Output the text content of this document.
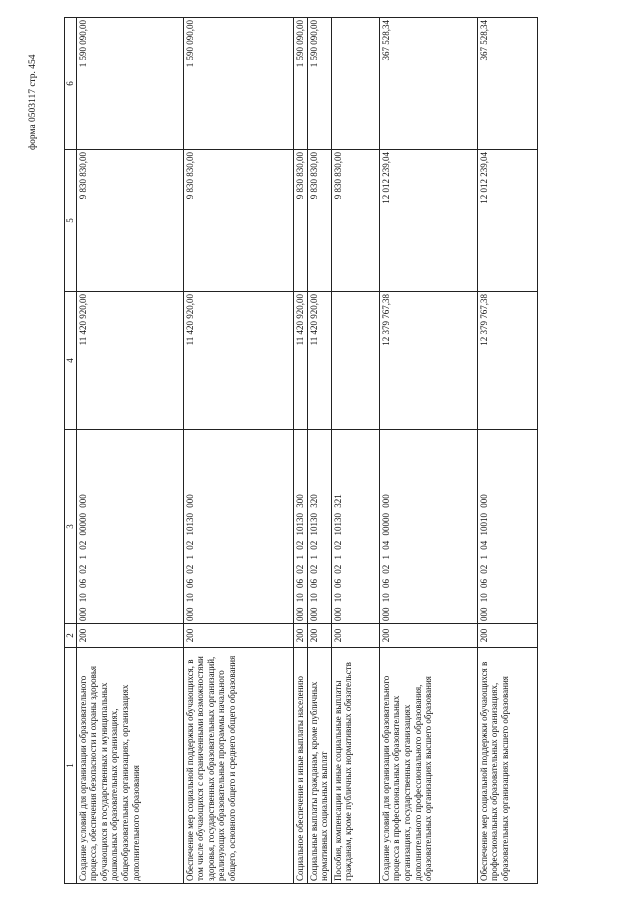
форма 0503117 стр. 454
1	2	3	4	5	6
Создание условий для организации образовательного процесса, обеспечения безопасности и охраны здоровья обучающихся в государственных и муниципальных дошкольных образовательных организациях, общеобразовательных организациях, организациях дополнительного образования	200	000 10 06 02 1 02 00000 000	11 420 920,00	9 830 830,00	1 590 090,00
Обеспечение мер социальной поддержки обучающихся, в том числе обучающихся с ограниченными возможностями здоровья, государственных образовательных организаций, реализующих образовательные программы начального общего, основного общего и среднего общего образования	200	000 10 06 02 1 02 10130 000	11 420 920,00	9 830 830,00	1 590 090,00
Социальное обеспечение и иные выплаты населению	200	000 10 06 02 1 02 10130 300	11 420 920,00	9 830 830,00	1 590 090,00
Социальные выплаты гражданам, кроме публичных нормативных социальных выплат	200	000 10 06 02 1 02 10130 320	11 420 920,00	9 830 830,00	1 590 090,00
Пособия, компенсации и иные социальные выплаты гражданам, кроме публичных нормативных обязательств	200	000 10 06 02 1 02 10130 321		9 830 830,00	
Создание условий для организации образовательного процесса в профессиональных образовательных организациях, государственных организациях дополнительного профессионального образования, образовательных организациях высшего образования	200	000 10 06 02 1 04 00000 000	12 379 767,38	12 012 239,04	367 528,34
Обеспечение мер социальной поддержки обучающихся в профессиональных образовательных организациях, образовательных организациях высшего образования	200	000 10 06 02 1 04 10010 000	12 379 767,38	12 012 239,04	367 528,34
